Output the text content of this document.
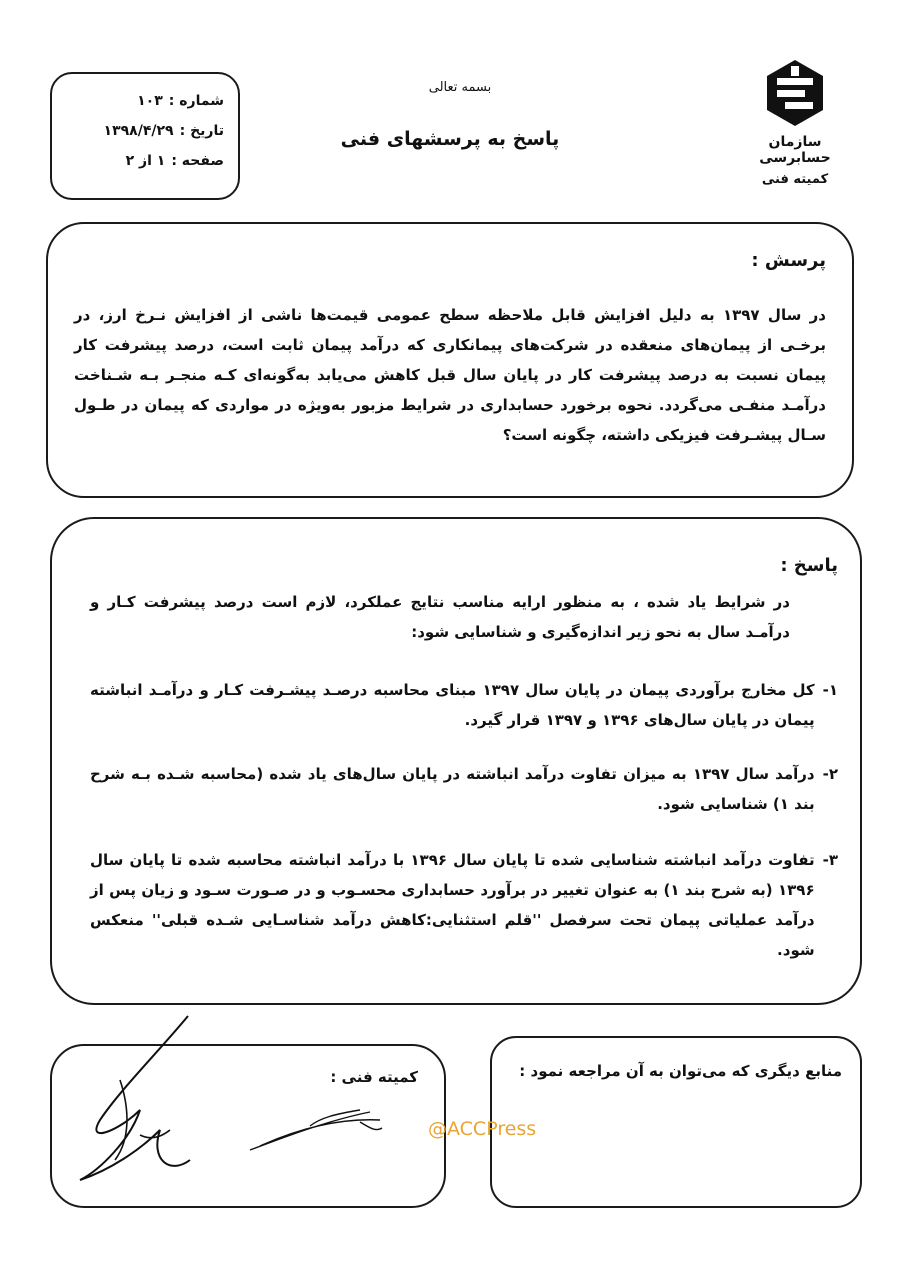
شماره :
۱۰۳
تاریخ :
۱۳۹۸/۴/۲۹
صفحه :
۱ از ۲
بسمه تعالی
پاسخ به پرسشهای فنی	سازمان حسابرسی
کمیته فنی
پرسش :

در سال ۱۳۹۷ به دلیل افزایش قابل ملاحظه سطح عمومی قیمت‌ها ناشی از افزایش نـرخ ارز، در برخـی از پیمان‌های منعقده در شرکت‌های پیمانکاری که درآمد پیمان ثابت است، درصد پیشرفت کار پیمان نسبت به درصد پیشرفت کار در پایان سال قبل کاهش می‌یابد به‌گونه‌ای کـه منجـر بـه شـناخت درآمـد منفـی می‌گردد. نحوه برخورد حسابداری در شرایط مزبور به‌ویژه در مواردی که پیمان در طـول سـال پیشـرفت فیزیکی داشته، چگونه است؟

پاسخ :

در شرایط یاد شده ، به منظور ارایه مناسب نتایج عملکرد، لازم است درصد پیشرفت کـار و درآمـد سال به نحو زیر اندازه‌گیری و شناسایی شود:

۱-
کل مخارج برآوردی پیمان در پایان سال ۱۳۹۷ مبنای محاسبه درصـد پیشـرفت کـار و درآمـد انباشته پیمان در پایان سال‌های ۱۳۹۶ و ۱۳۹۷ قرار گیرد.
۲-
درآمد سال ۱۳۹۷ به میزان تفاوت درآمد انباشته در پایان سال‌های یاد شده (محاسبه شـده بـه شرح بند ۱) شناسایی شود.
۳-
تفاوت درآمد انباشته شناسایی شده تا پایان سال ۱۳۹۶ با درآمد انباشته محاسبه شده تا پایان سال ۱۳۹۶ (به شرح بند ۱) به عنوان تغییر در برآورد حسابداری محسـوب و در صـورت سـود و زیان پس از درآمد عملیاتی پیمان تحت سرفصل ''قلم استثنایی:کاهش درآمد شناسـایی شـده قبلی'' منعکس شود.
کمیته فنی :	منابع دیگری که می‌توان به آن مراجعه نمود :
@ACCPress
